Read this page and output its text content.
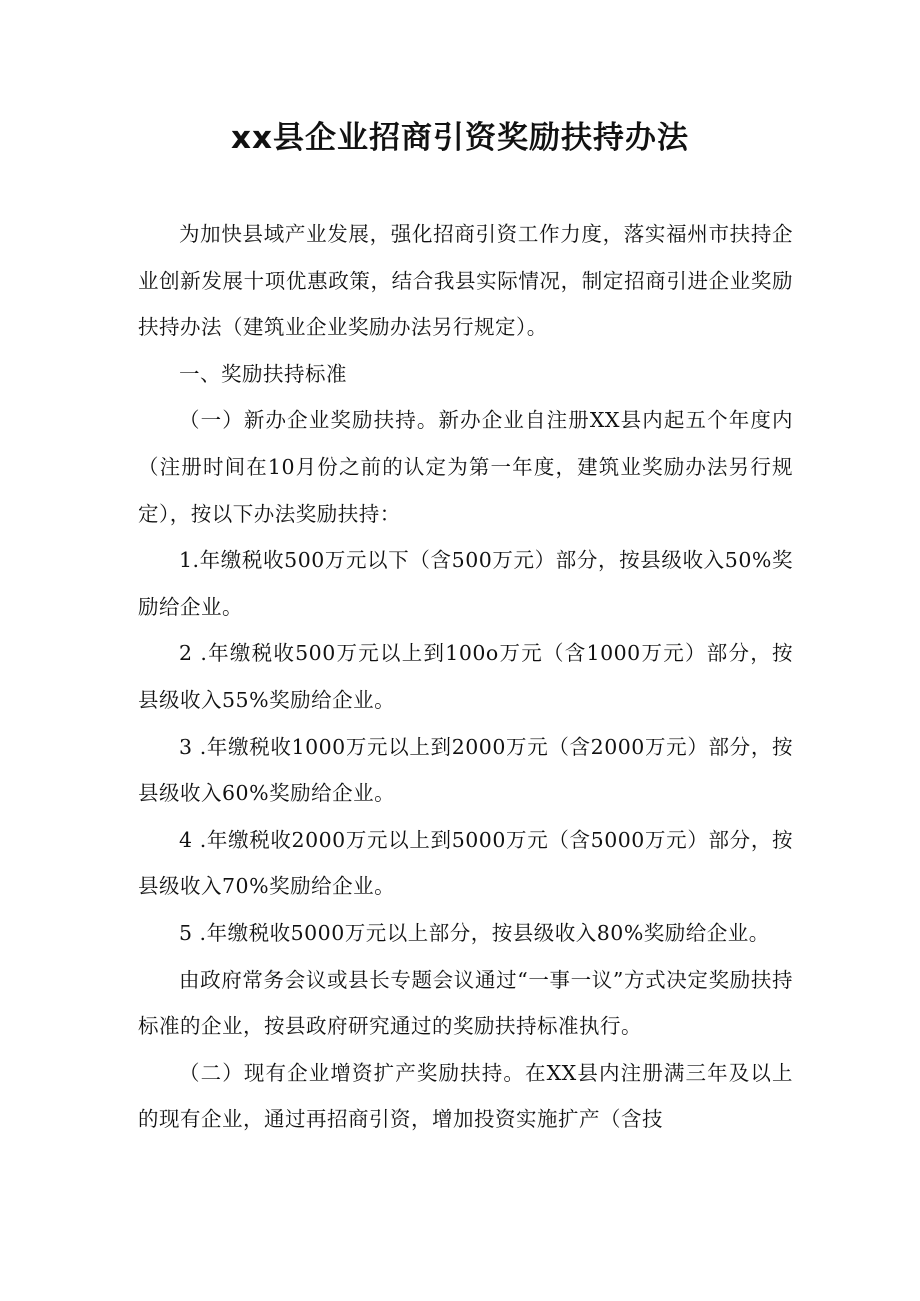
xx县企业招商引资奖励扶持办法

为加快县域产业发展，强化招商引资工作力度，落实福州市扶持企业创新发展十项优惠政策，结合我县实际情况，制定招商引进企业奖励扶持办法（建筑业企业奖励办法另行规定）。

一、奖励扶持标准

（一）新办企业奖励扶持。新办企业自注册XX县内起五个年度内（注册时间在10月份之前的认定为第一年度，建筑业奖励办法另行规定），按以下办法奖励扶持：

1.年缴税收500万元以下（含500万元）部分，按县级收入50%奖励给企业。

2 .年缴税收500万元以上到100o万元（含1000万元）部分，按县级收入55%奖励给企业。

3 .年缴税收1000万元以上到2000万元（含2000万元）部分，按县级收入60%奖励给企业。

4 .年缴税收2000万元以上到5000万元（含5000万元）部分，按县级收入70%奖励给企业。

5 .年缴税收5000万元以上部分，按县级收入80%奖励给企业。

由政府常务会议或县长专题会议通过“一事一议”方式决定奖励扶持标准的企业，按县政府研究通过的奖励扶持标准执行。

（二）现有企业增资扩产奖励扶持。在XX县内注册满三年及以上的现有企业，通过再招商引资，增加投资实施扩产（含技
